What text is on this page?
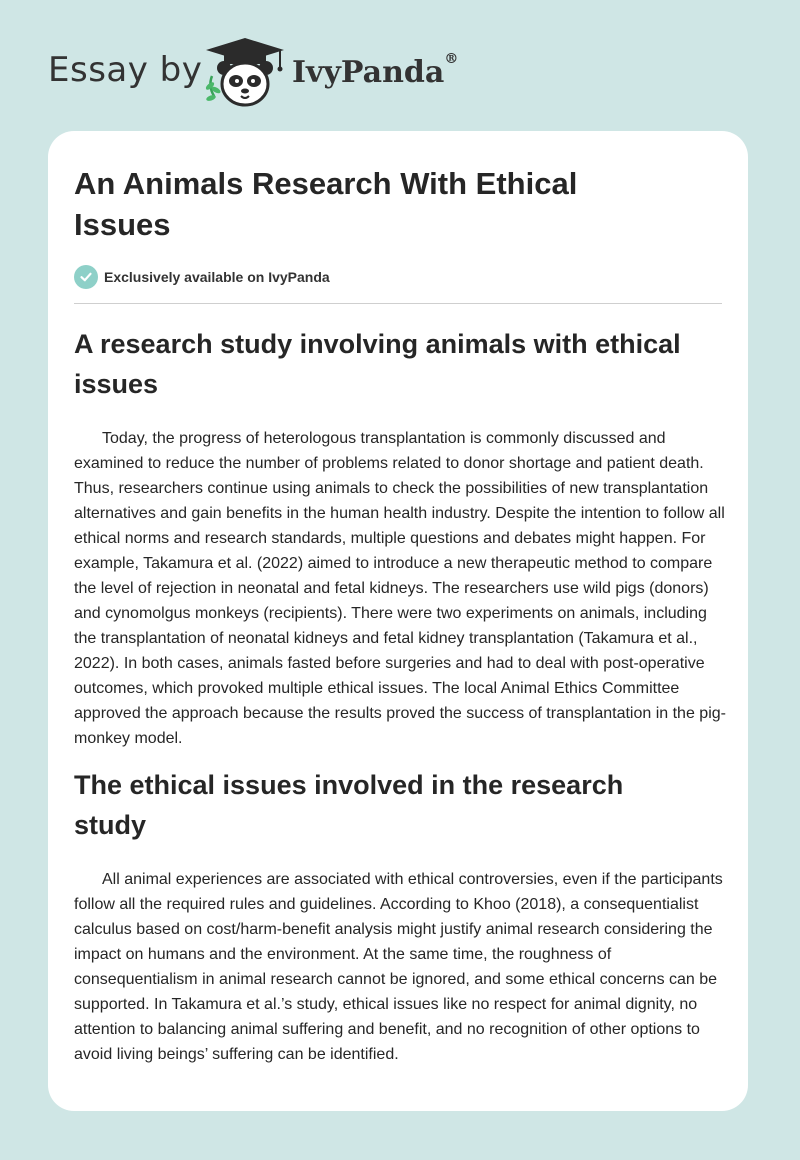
Essay by	IvyPanda®
An Animals Research With Ethical Issues
Exclusively available on IvyPanda
A research study involving animals with ethical issues

Today, the progress of heterologous transplantation is commonly discussed and examined to reduce the number of problems related to donor shortage and patient death. Thus, researchers continue using animals to check the possibilities of new transplantation alternatives and gain benefits in the human health industry. Despite the intention to follow all ethical norms and research standards, multiple questions and debates might happen. For example, Takamura et al. (2022) aimed to introduce a new therapeutic method to compare the level of rejection in neonatal and fetal kidneys. The researchers use wild pigs (donors) and cynomolgus monkeys (recipients). There were two experiments on animals, including the transplantation of neonatal kidneys and fetal kidney transplantation (Takamura et al., 2022). In both cases, animals fasted before surgeries and had to deal with post-operative outcomes, which provoked multiple ethical issues. The local Animal Ethics Committee approved the approach because the results proved the success of transplantation in the pig-monkey model.

The ethical issues involved in the research study

All animal experiences are associated with ethical controversies, even if the participants follow all the required rules and guidelines. According to Khoo (2018), a consequentialist calculus based on cost/harm-benefit analysis might justify animal research considering the impact on humans and the environment. At the same time, the roughness of consequentialism in animal research cannot be ignored, and some ethical concerns can be supported. In Takamura et al.’s study, ethical issues like no respect for animal dignity, no attention to balancing animal suffering and benefit, and no recognition of other options to avoid living beings’ suffering can be identified.
